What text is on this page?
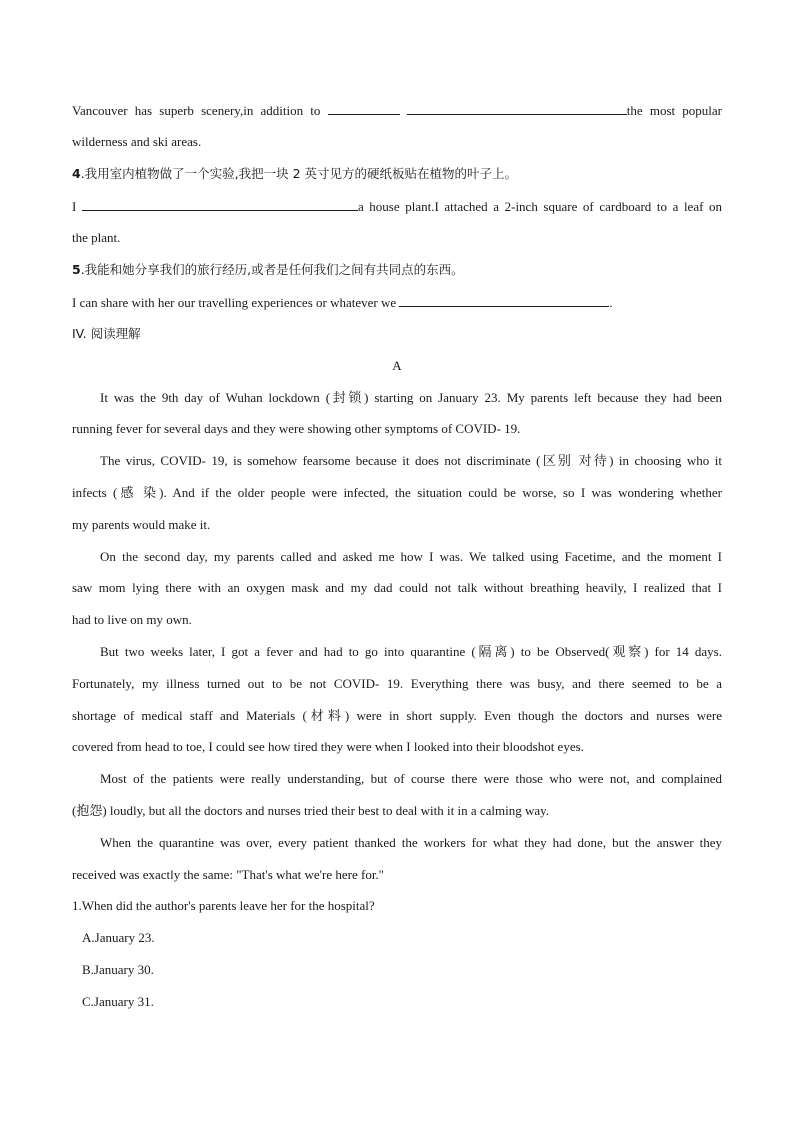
Vancouver has superb scenery,in addition to	the most popular
wilderness and ski areas.
4.我用室内植物做了一个实验,我把一块 2 英寸见方的硬纸板贴在植物的叶子上。
I	a house plant.I attached a 2-inch square of cardboard to a leaf on
the plant.
5.我能和她分享我们的旅行经历,或者是任何我们之间有共同点的东西。
I can share with her our travelling experiences or whatever we	.
IV. 阅读理解
A
It was the 9th day of Wuhan lockdown (封锁) starting on January 23. My parents left because they had been
running fever for several days and they were showing other symptoms of COVID- 19.
The virus, COVID- 19, is somehow fearsome because it does not discriminate (区别 对待) in choosing who it
infects (感 染). And if the older people were infected, the situation could be worse, so I was wondering whether
my parents would make it.
On the second day, my parents called and asked me how I was. We talked using Facetime, and the moment I
saw mom lying there with an oxygen mask and my dad could not talk without breathing heavily, I realized that I
had to live on my own.
But two weeks later, I got a fever and had to go into quarantine (隔离) to be Observed(观察) for 14 days.
Fortunately, my illness turned out to be not COVID- 19. Everything there was busy, and there seemed to be a
shortage of medical staff and Materials (材料) were in short supply. Even though the doctors and nurses were
covered from head to toe, I could see how tired they were when I looked into their bloodshot eyes.
Most of the patients were really understanding, but of course there were those who were not, and complained
(抱怨) loudly, but all the doctors and nurses tried their best to deal with it in a calming way.
When the quarantine was over, every patient thanked the workers for what they had done, but the answer they
received was exactly the same: "That's what we're here for."
1.When did the author's parents leave her for the hospital?
A.January 23.
B.January 30.
C.January 31.
